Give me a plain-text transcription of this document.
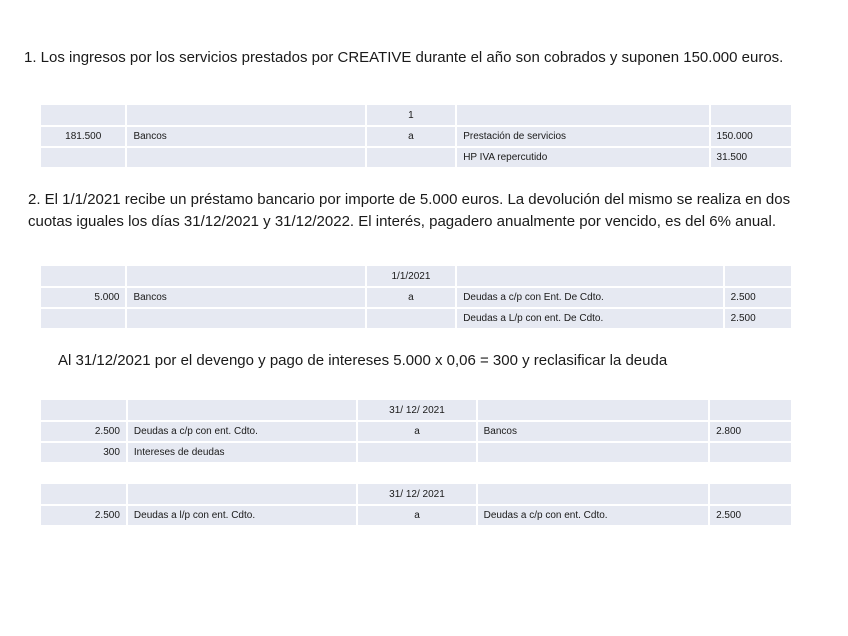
1. Los ingresos por los servicios prestados por CREATIVE durante el año son cobrados y suponen 150.000 euros.

		1		
181.500	Bancos	a	Prestación de servicios	150.000
			HP IVA repercutido	31.500

2. El 1/1/2021 recibe un préstamo bancario por importe de 5.000 euros. La devolución del mismo se realiza en dos cuotas iguales los días 31/12/2021 y 31/12/2022. El interés, pagadero anualmente por vencido, es del 6% anual.

		1/1/2021		
5.000	Bancos	a	Deudas a c/p con Ent. De Cdto.	2.500
			Deudas a L/p con ent. De Cdto.	2.500

Al 31/12/2021 por el devengo y pago de intereses 5.000 x 0,06 = 300 y reclasificar la deuda

		31/ 12/ 2021		
2.500	Deudas a c/p con ent. Cdto.	a	Bancos	2.800
300	Intereses de deudas			
		31/ 12/ 2021		
2.500	Deudas a l/p con ent. Cdto.	a	Deudas a c/p con ent. Cdto.	2.500
